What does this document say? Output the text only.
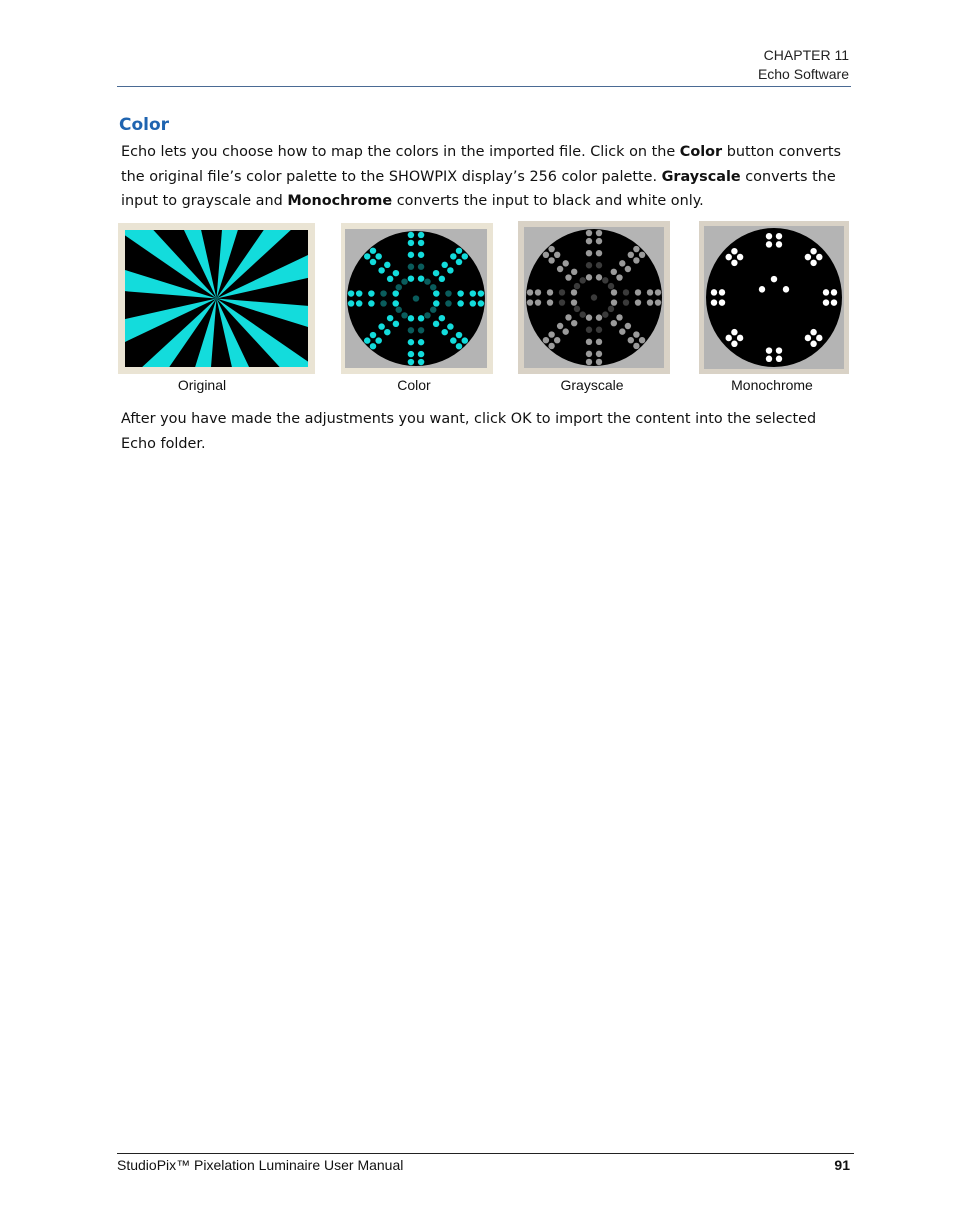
CHAPTER 11
Echo Software
Color

Echo lets you choose how to map the colors in the imported file. Click on the Color button converts the original file’s color palette to the SHOWPIX display’s 256 color palette. Grayscale converts the input to grayscale and Monochrome converts the input to black and white only.

Original	Color	Grayscale	Monochrome

After you have made the adjustments you want, click OK to import the content into the selected Echo folder.

StudioPix™ Pixelation Luminaire User Manual	91
